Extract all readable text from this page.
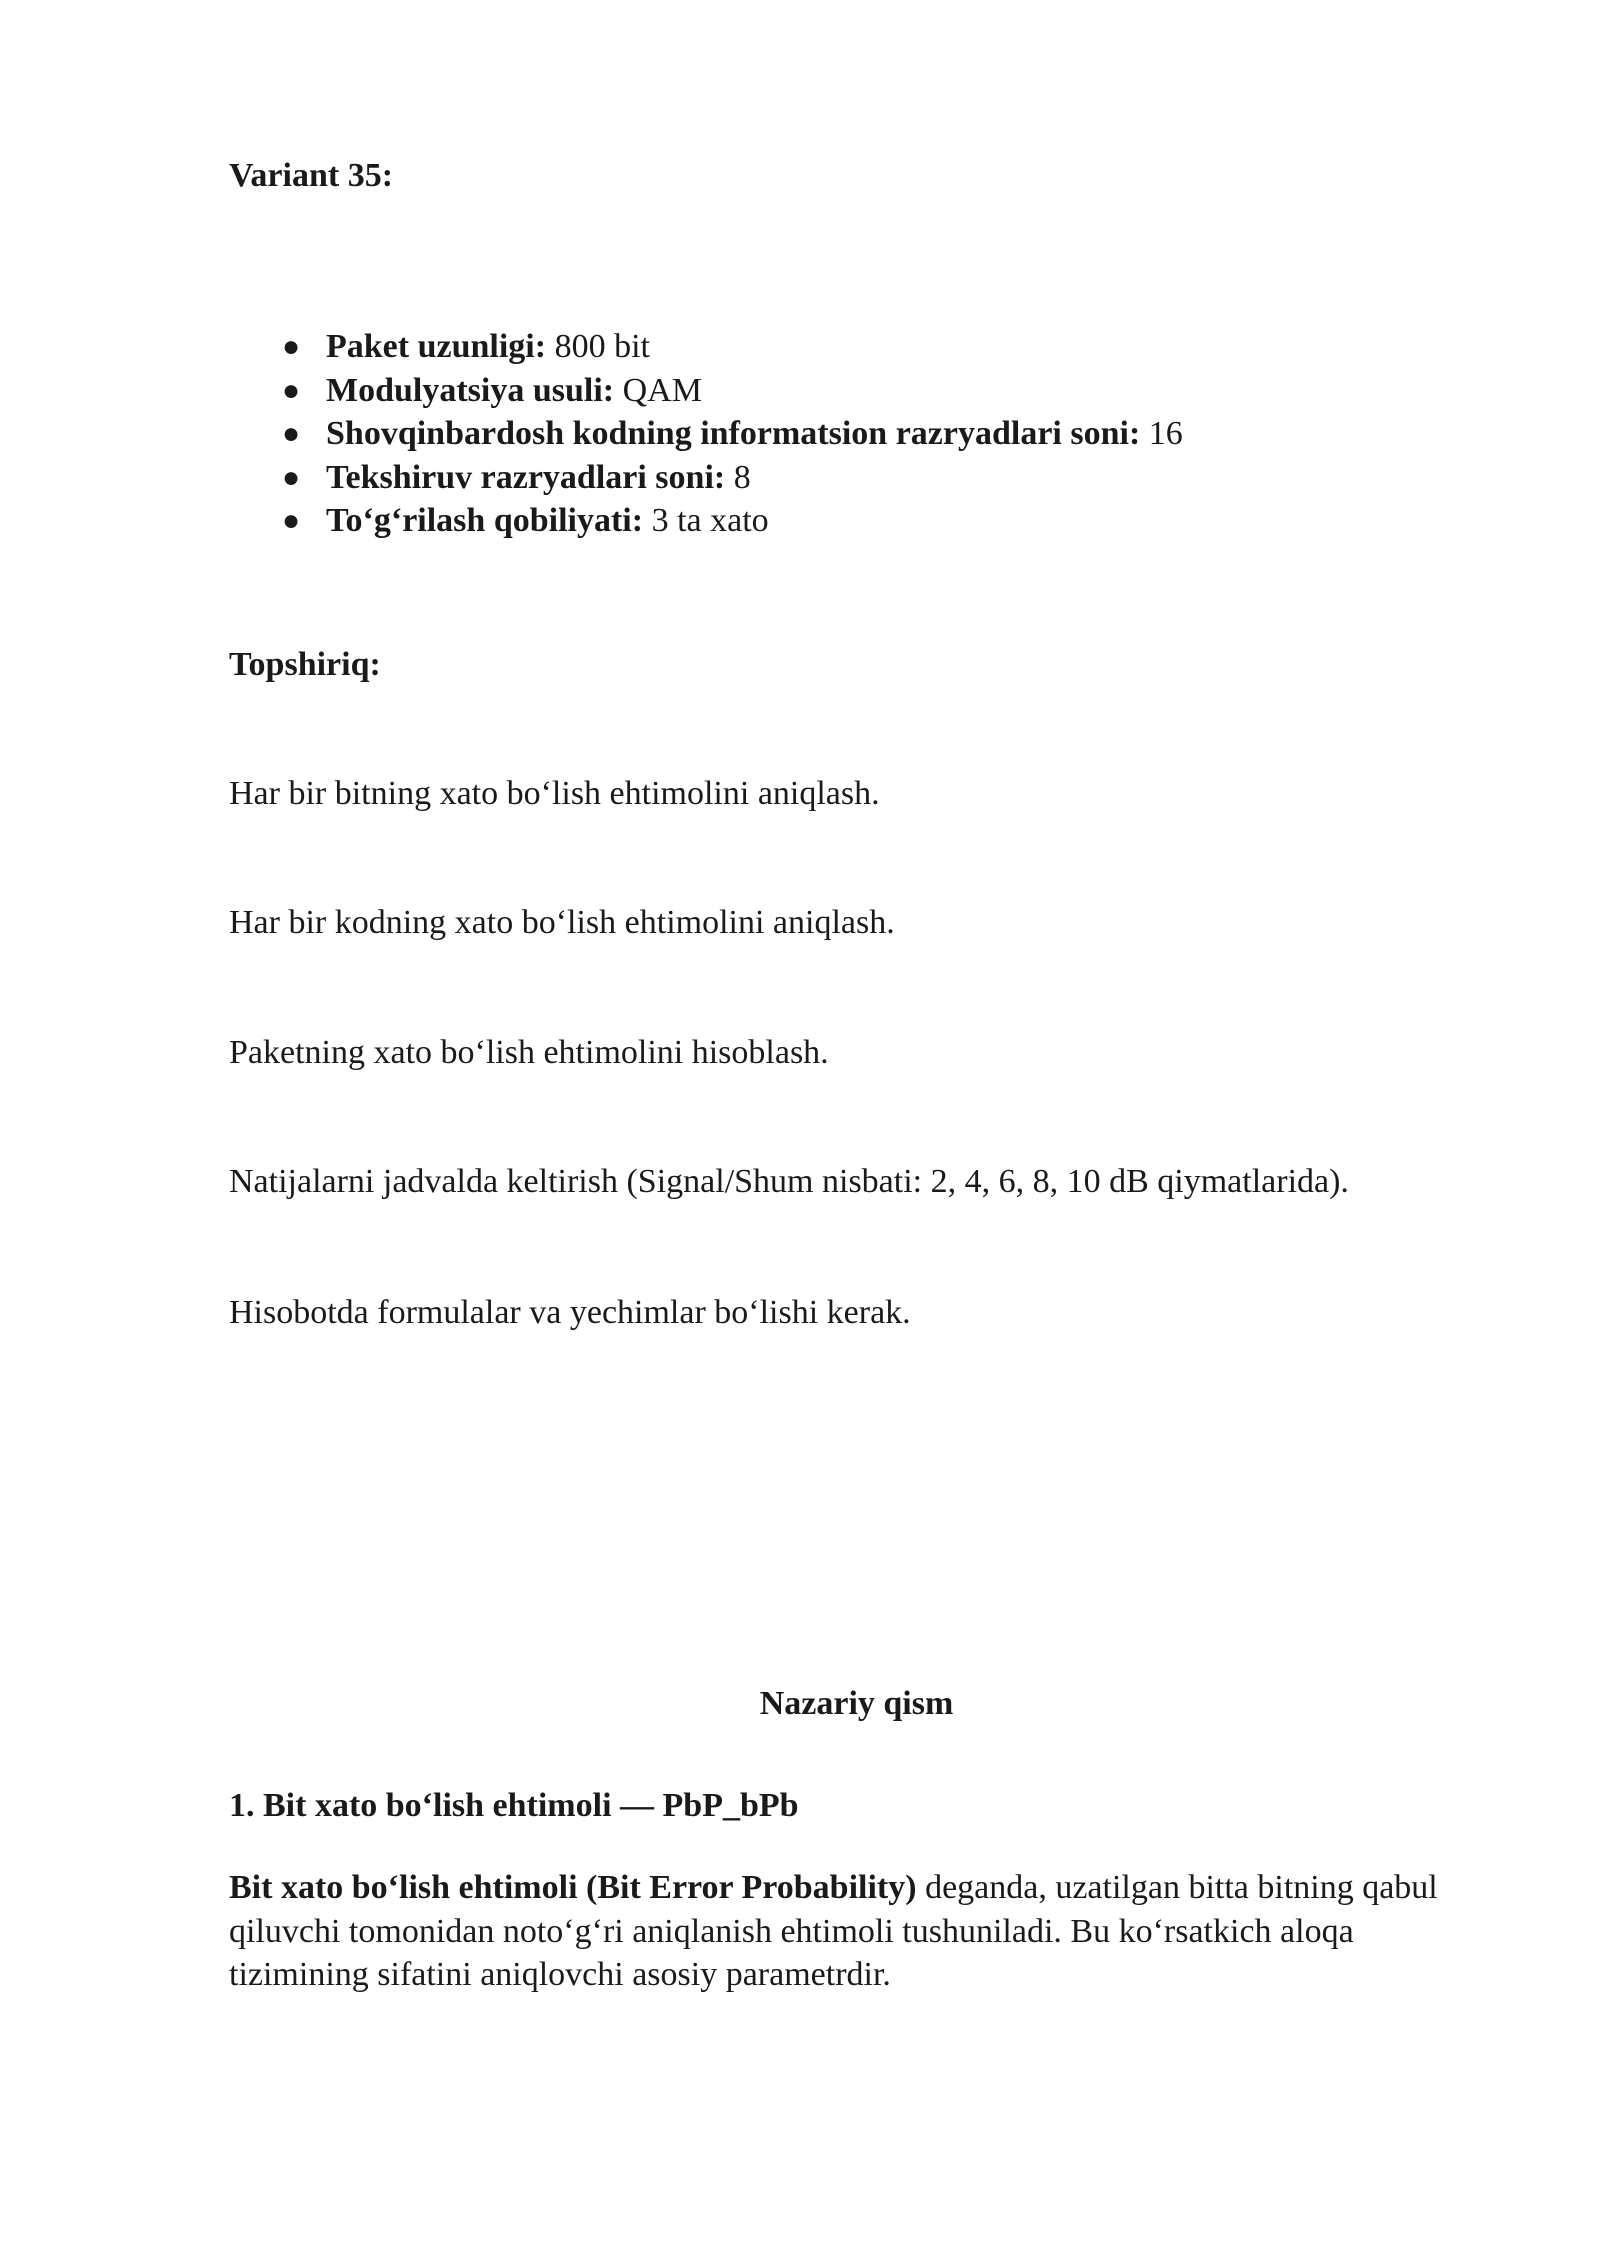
Variant 35:

● Paket uzunligi: 800 bit
● Modulyatsiya usuli: QAM
● Shovqinbardosh kodning informatsion razryadlari soni: 16
● Tekshiruv razryadlari soni: 8
● To‘g‘rilash qobiliyati: 3 ta xato

Topshiriq:

Har bir bitning xato bo‘lish ehtimolini aniqlash.

Har bir kodning xato bo‘lish ehtimolini aniqlash.

Paketning xato bo‘lish ehtimolini hisoblash.

Natijalarni jadvalda keltirish (Signal/Shum nisbati: 2, 4, 6, 8, 10 dB qiymatlarida).

Hisobotda formulalar va yechimlar bo‘lishi kerak.

Nazariy qism

1. Bit xato bo‘lish ehtimoli — PbP_bPb

Bit xato bo‘lish ehtimoli (Bit Error Probability) deganda, uzatilgan bitta bitning qabul qiluvchi tomonidan noto‘g‘ri aniqlanish ehtimoli tushuniladi. Bu ko‘rsatkich aloqa tizimining sifatini aniqlovchi asosiy parametrdir.
